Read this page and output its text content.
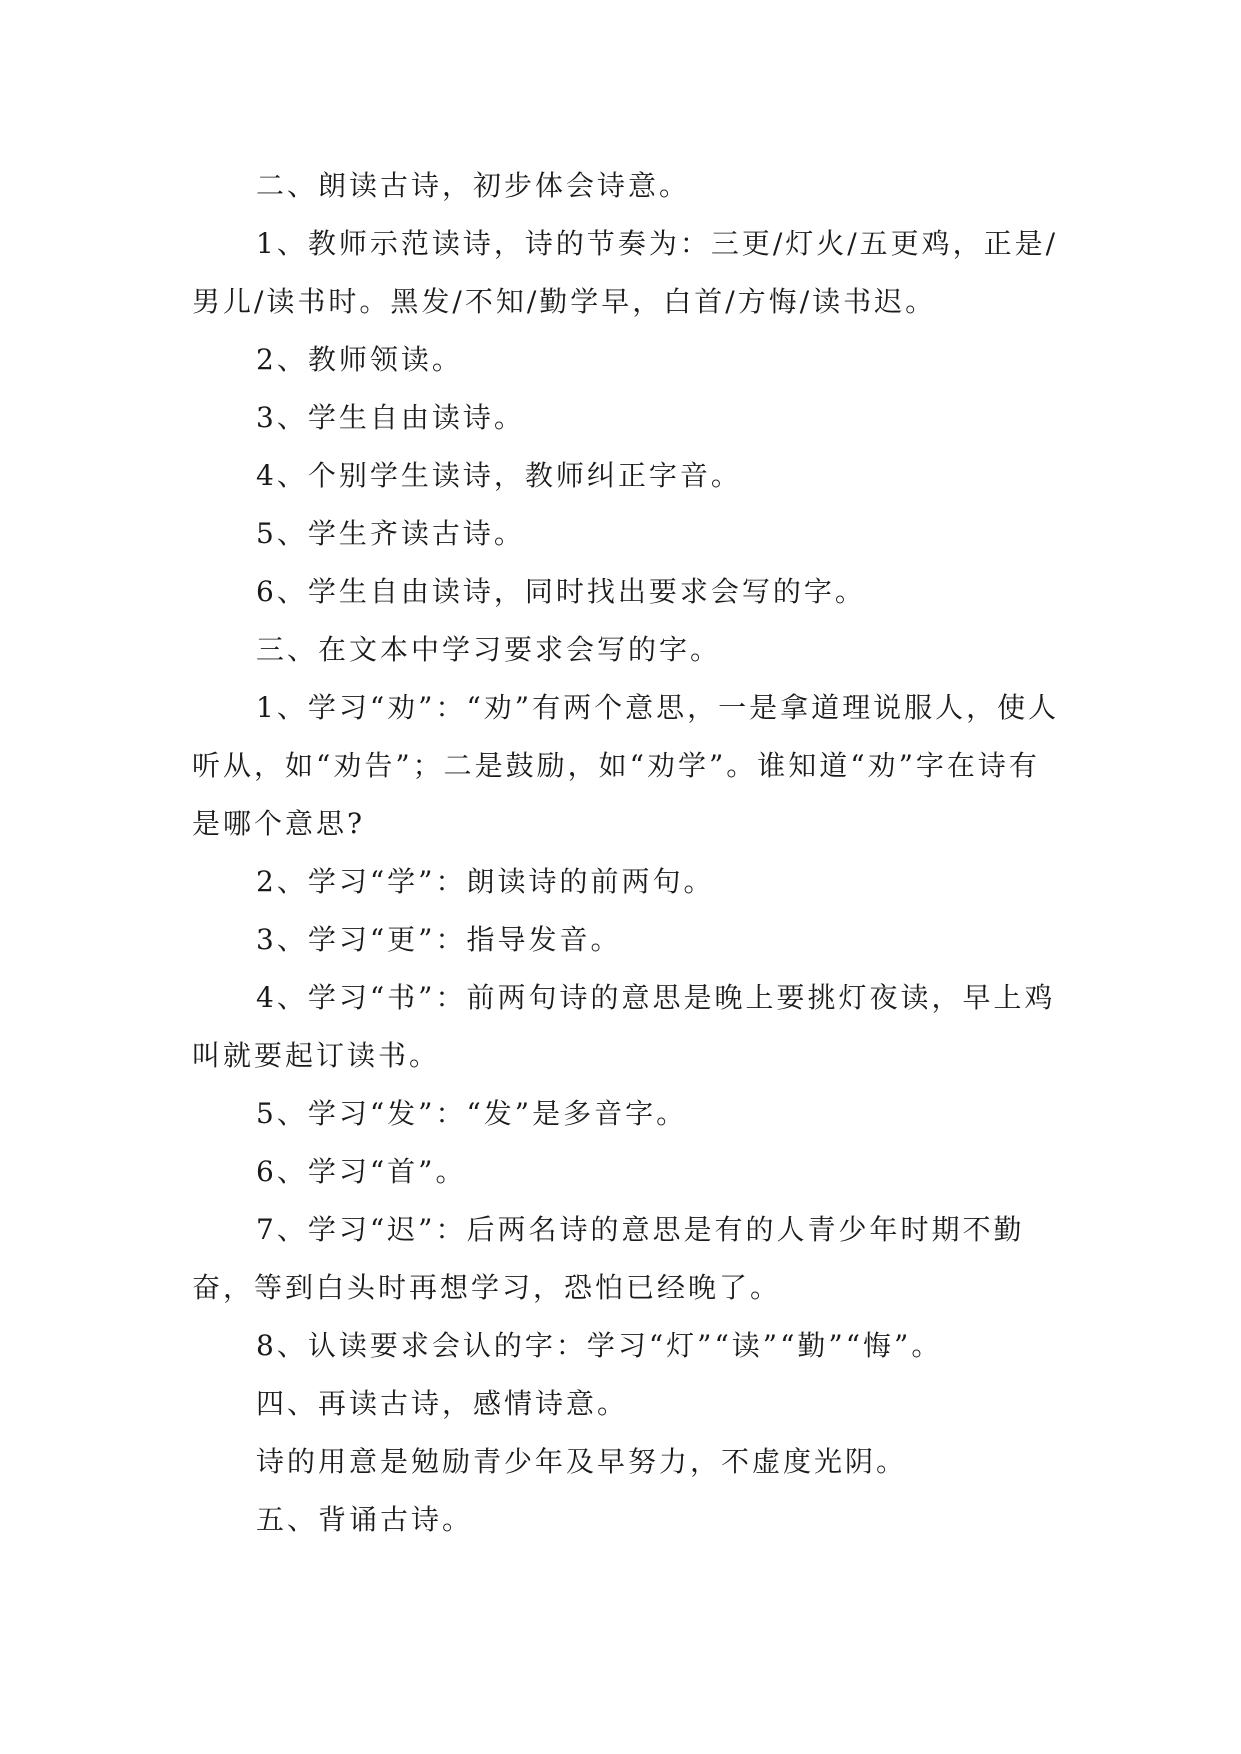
二、朗读古诗，初步体会诗意。

1、教师示范读诗，诗的节奏为：三更/灯火/五更鸡，正是/男儿/读书时。黑发/不知/勤学早，白首/方悔/读书迟。

2、教师领读。

3、学生自由读诗。

4、个别学生读诗，教师纠正字音。

5、学生齐读古诗。

6、学生自由读诗，同时找出要求会写的字。

三、在文本中学习要求会写的字。

1、学习“劝”：“劝”有两个意思，一是拿道理说服人，使人听从，如“劝告”；二是鼓励，如“劝学”。谁知道“劝”字在诗有是哪个意思?

2、学习“学”：朗读诗的前两句。

3、学习“更”：指导发音。

4、学习“书”：前两句诗的意思是晚上要挑灯夜读，早上鸡叫就要起订读书。

5、学习“发”：“发”是多音字。

6、学习“首”。

7、学习“迟”：后两名诗的意思是有的人青少年时期不勤奋，等到白头时再想学习，恐怕已经晚了。

8、认读要求会认的字：学习“灯”“读”“勤”“悔”。

四、再读古诗，感情诗意。

诗的用意是勉励青少年及早努力，不虚度光阴。

五、背诵古诗。
